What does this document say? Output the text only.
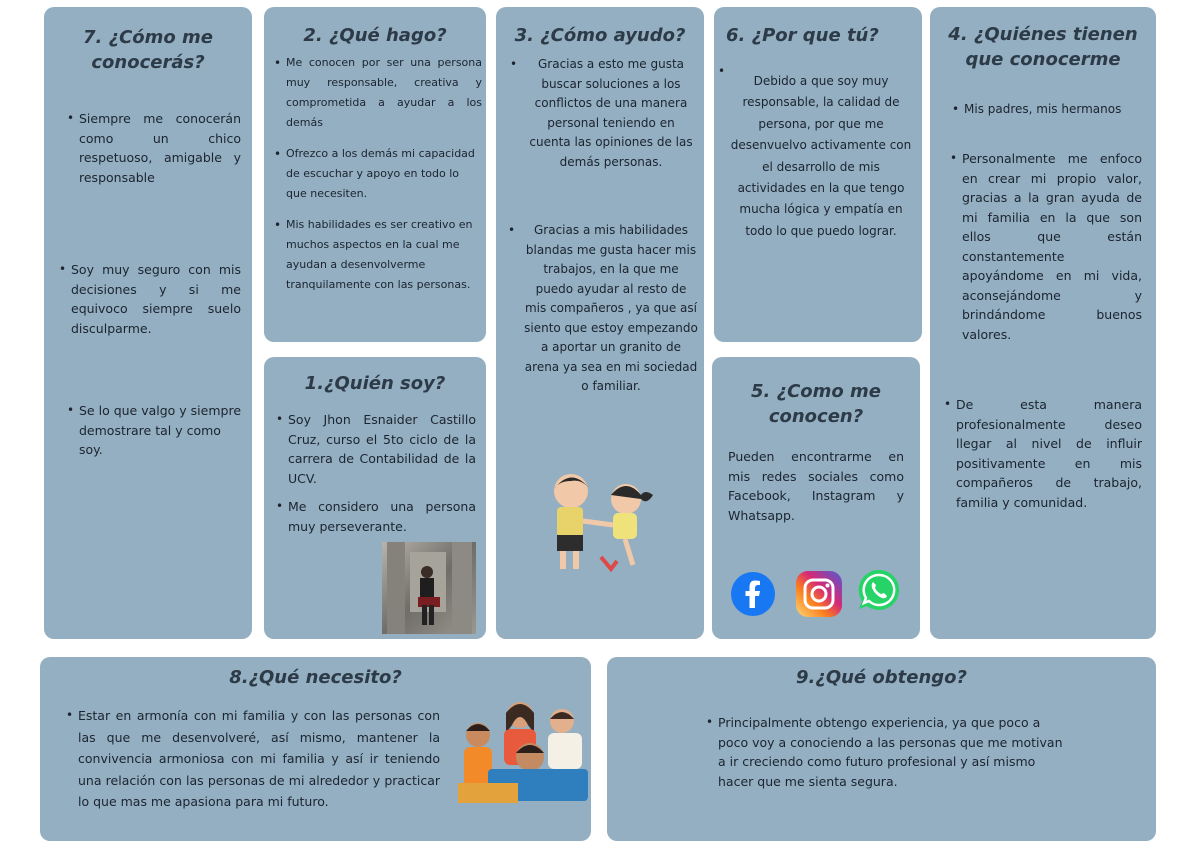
7. ¿Cómo me conocerás?
• Siempre me conocerán como un chico respetuoso, amigable y responsable
• Soy muy seguro con mis decisiones y si me equivoco siempre suelo disculparme.
• Se lo que valgo y siempre demostrare tal y como soy.
2. ¿Qué hago?
• Me conocen por ser una persona muy responsable, creativa y comprometida a ayudar a los demás
• Ofrezco a los demás mi capacidad de escuchar y apoyo en todo lo que necesiten.
• Mis habilidades es ser creativo en muchos aspectos en la cual me ayudan a desenvolverme tranquilamente con las personas.
1.¿Quién soy?
• Soy Jhon Esnaider Castillo Cruz, curso el 5to ciclo de la carrera de Contabilidad de la UCV.
• Me considero una persona muy perseverante.
3. ¿Cómo ayudo?
• Gracias a esto me gusta buscar soluciones a los conflictos de una manera personal teniendo en cuenta las opiniones de las demás personas.
• Gracias a mis habilidades blandas me gusta hacer mis trabajos, en la que me puedo ayudar al resto de mis compañeros , ya que así siento que estoy empezando a aportar un granito de arena ya sea en mi sociedad o familiar.
6. ¿Por que tú?
•
Debido a que soy muy responsable, la calidad de persona, por que me desenvuelvo activamente con el desarrollo de mis actividades en la que tengo mucha lógica y empatía en todo lo que puedo lograr.
5. ¿Como me conocen?
Pueden encontrarme en mis redes sociales como Facebook, Instagram y Whatsapp.
4. ¿Quiénes tienen que conocerme
• Mis padres, mis hermanos
• Personalmente me enfoco en crear mi propio valor, gracias a la gran ayuda de mi familia en la que son ellos que están constantemente apoyándome en mi vida, aconsejándome y brindándome buenos valores.
• De esta manera profesionalmente deseo llegar al nivel de influir positivamente en mis compañeros de trabajo, familia y comunidad.
8.¿Qué necesito?
• Estar en armonía con mi familia y con las personas con las que me desenvolveré, así mismo, mantener la convivencia armoniosa con mi familia y así ir teniendo una relación con las personas de mi alrededor y practicar lo que mas me apasiona para mi futuro.
9.¿Qué obtengo?
• Principalmente obtengo experiencia, ya que poco a poco voy a conociendo a las personas que me motivan a ir creciendo como futuro profesional y así mismo hacer que me sienta segura.
